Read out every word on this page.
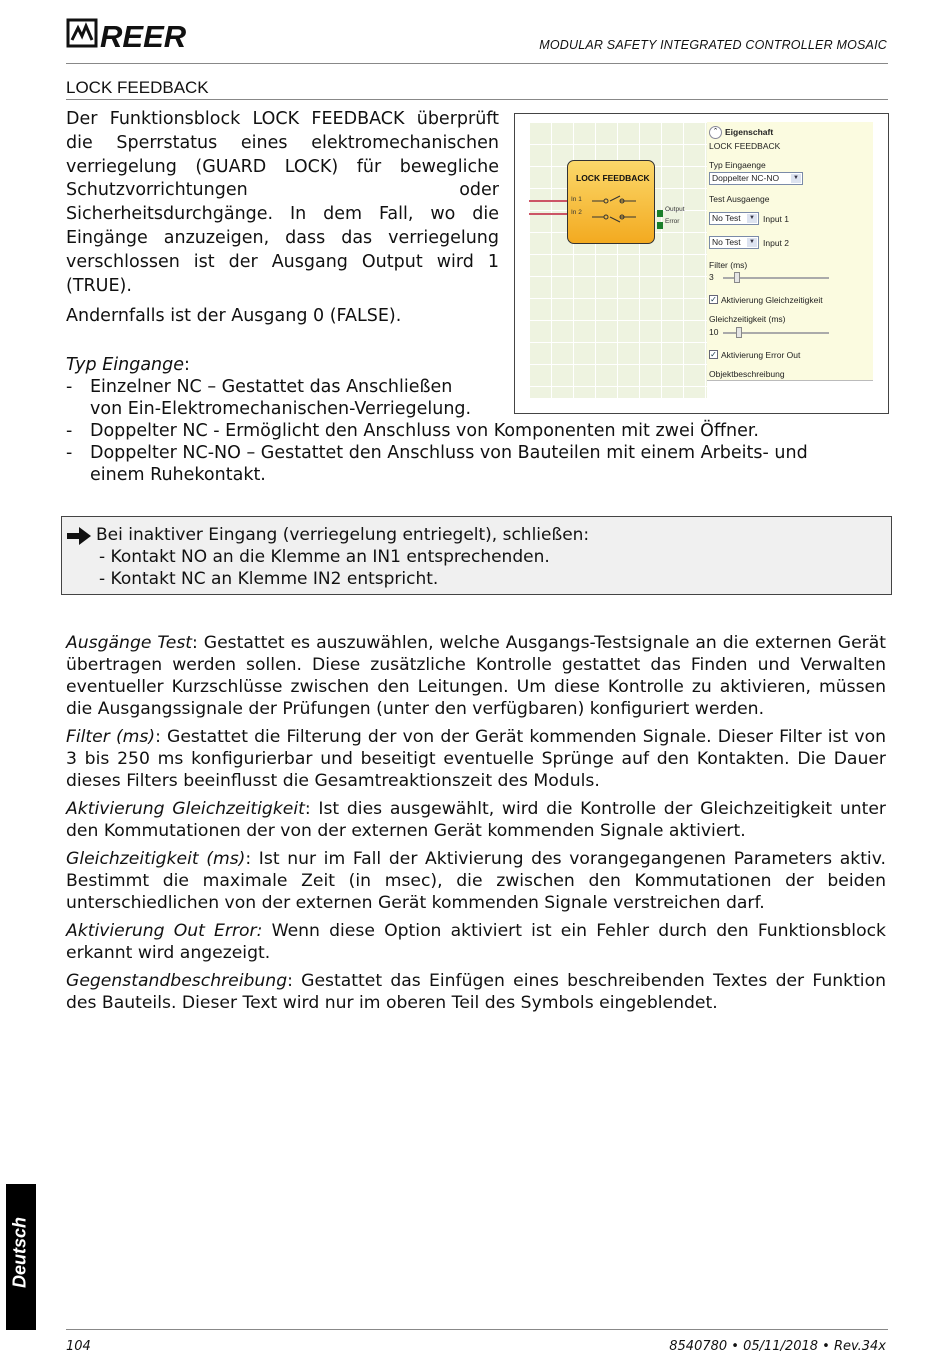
REER	MODULAR SAFETY INTEGRATED CONTROLLER MOSAIC
LOCK FEEDBACK

Der Funktionsblock LOCK FEEDBACK überprüft die Sperrstatus eines elektromechanischen verriegelung (GUARD LOCK) für bewegliche Schutzvorrichtungen oder Sicherheitsdurchgänge. In dem Fall, wo die Eingänge anzuzeigen, dass das verriegelung verschlossen ist der Ausgang Output wird 1 (TRUE).

Andernfalls ist der Ausgang 0 (FALSE).

LOCK FEEDBACK
In 1
In 2	Output
Error
⌃ Eigenschaft
LOCK FEEDBACK
Typ Eingaenge
Doppelter NC-NO	▼
Test Ausgaenge
No Test	▼ Input 1
No Test	▼ Input 2
Filter (ms)
3
✓ Aktivierung Gleichzeitigkeit
Gleichzeitigkeit (ms)
10
✓ Aktivierung Error Out
Objektbeschreibung
Typ Eingange:
- Einzelner NC – Gestattet das Anschließen
von Ein-Elektromechanischen-Verriegelung.
- Doppelter NC - Ermöglicht den Anschluss von Komponenten mit zwei Öffner.
- Doppelter NC-NO – Gestattet den Anschluss von Bauteilen mit einem Arbeits- und
einem Ruhekontakt.
Bei inaktiver Eingang (verriegelung entriegelt), schließen:
- Kontakt NO an die Klemme an IN1 entsprechenden.
- Kontakt NC an Klemme IN2 entspricht.

Ausgänge Test: Gestattet es auszuwählen, welche Ausgangs-Testsignale an die externen Gerät übertragen werden sollen. Diese zusätzliche Kontrolle gestattet das Finden und Verwalten eventueller Kurzschlüsse zwischen den Leitungen. Um diese Kontrolle zu aktivieren, müssen die Ausgangssignale der Prüfungen (unter den verfügbaren) konfiguriert werden.

Filter (ms): Gestattet die Filterung der von der Gerät kommenden Signale. Dieser Filter ist von 3 bis 250 ms konfigurierbar und beseitigt eventuelle Sprünge auf den Kontakten. Die Dauer dieses Filters beeinflusst die Gesamtreaktionszeit des Moduls.

Aktivierung Gleichzeitigkeit: Ist dies ausgewählt, wird die Kontrolle der Gleichzeitigkeit unter den Kommutationen der von der externen Gerät kommenden Signale aktiviert.

Gleichzeitigkeit (ms): Ist nur im Fall der Aktivierung des vorangegangenen Parameters aktiv. Bestimmt die maximale Zeit (in msec), die zwischen den Kommutationen der beiden unterschiedlichen von der externen Gerät kommenden Signale verstreichen darf.

Aktivierung Out Error: Wenn diese Option aktiviert ist ein Fehler durch den Funktionsblock erkannt wird angezeigt.

Gegenstandbeschreibung: Gestattet das Einfügen eines beschreibenden Textes der Funktion des Bauteils. Dieser Text wird nur im oberen Teil des Symbols eingeblendet.

Deutsch
104	8540780 • 05/11/2018 • Rev.34x
